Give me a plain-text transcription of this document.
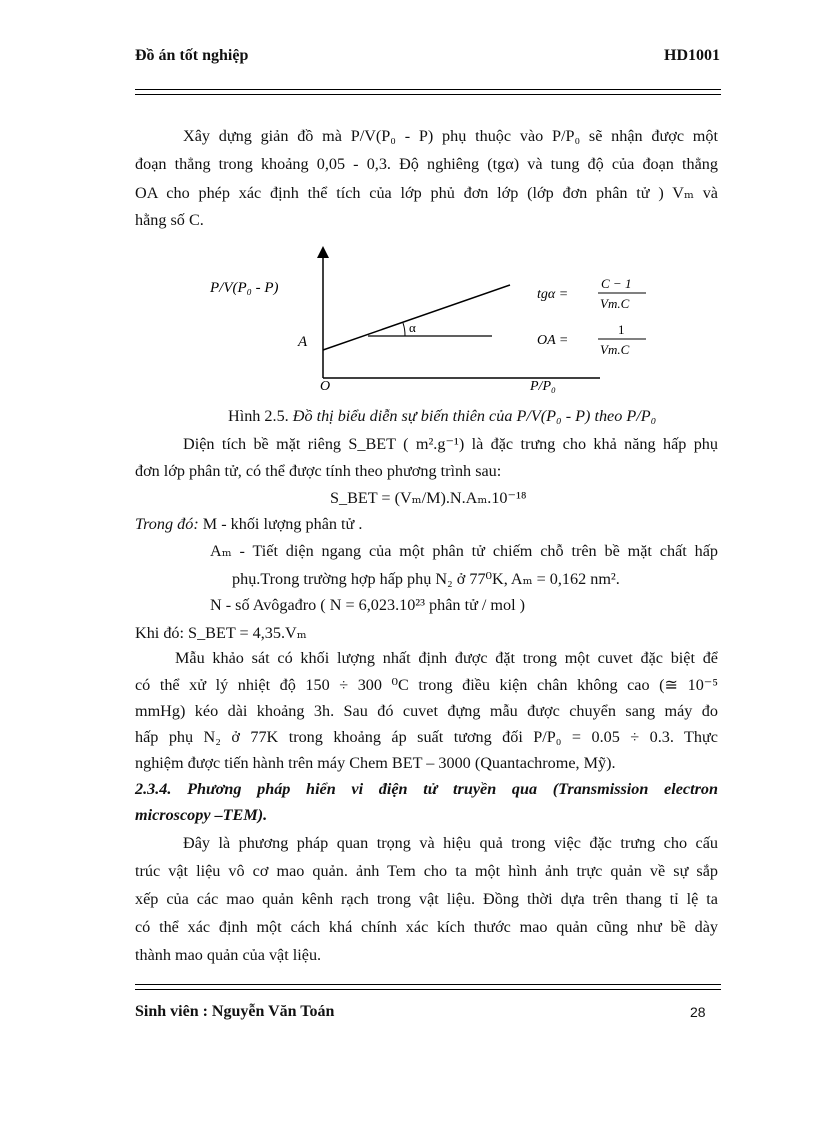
Đồ án tốt nghiệp	HD1001
Xây dựng giản đồ mà P/V(P₀ - P) phụ thuộc vào P/P₀ sẽ nhận được một
đoạn thẳng trong khoảng 0,05 - 0,3. Độ nghiêng (tgα) và tung độ của đoạn thẳng
OA cho phép xác định thể tích của lớp phủ đơn lớp (lớp đơn phân tử ) Vₘ và
hằng số C.
P/V(P₀ - P)
A
O	P/P₀
α
tgα =
C − 1
Vm.C
OA =
1
Vm.C
Hình 2.5. Đồ thị biểu diễn sự biến thiên của P/V(P₀ - P) theo P/P₀
Diện tích bề mặt riêng S_BET ( m².g⁻¹) là đặc trưng cho khả năng hấp phụ
đơn lớp phân tử, có thể được tính theo phương trình sau:
S_BET = (Vₘ/M).N.Aₘ.10⁻¹⁸
Trong đó: M - khối lượng phân tử .
Aₘ - Tiết diện ngang của một phân tử chiếm chỗ trên bề mặt chất hấp
phụ.Trong trường hợp hấp phụ N₂ ở 77⁰K, Aₘ = 0,162 nm².
N - số Avôgađro ( N = 6,023.10²³ phân tử / mol )
Khi đó: S_BET = 4,35.Vₘ
Mẫu khảo sát có khối lượng nhất định được đặt trong một cuvet đặc biệt để
có thể xử lý nhiệt độ 150 ÷ 300 ⁰C trong điều kiện chân không cao (≅ 10⁻⁵
mmHg) kéo dài khoảng 3h. Sau đó cuvet đựng mẫu được chuyển sang máy đo
hấp phụ N₂ ở 77K trong khoảng áp suất tương đối P/P₀ = 0.05 ÷ 0.3. Thực
nghiệm được tiến hành trên máy Chem BET – 3000 (Quantachrome, Mỹ).
2.3.4. Phương pháp hiển vi điện tử truyền qua (Transmission electron
microscopy –TEM).
Đây là phương pháp quan trọng và hiệu quả trong việc đặc trưng cho cấu
trúc vật liệu vô cơ mao quản. ảnh Tem cho ta một hình ảnh trực quản về sự sắp
xếp của các mao quản kênh rạch trong vật liệu. Đồng thời dựa trên thang tỉ lệ ta
có thể xác định một cách khá chính xác kích thước mao quản cũng như bề dày
thành mao quản của vật liệu.
Sinh viên : Nguyễn Văn Toán	28
